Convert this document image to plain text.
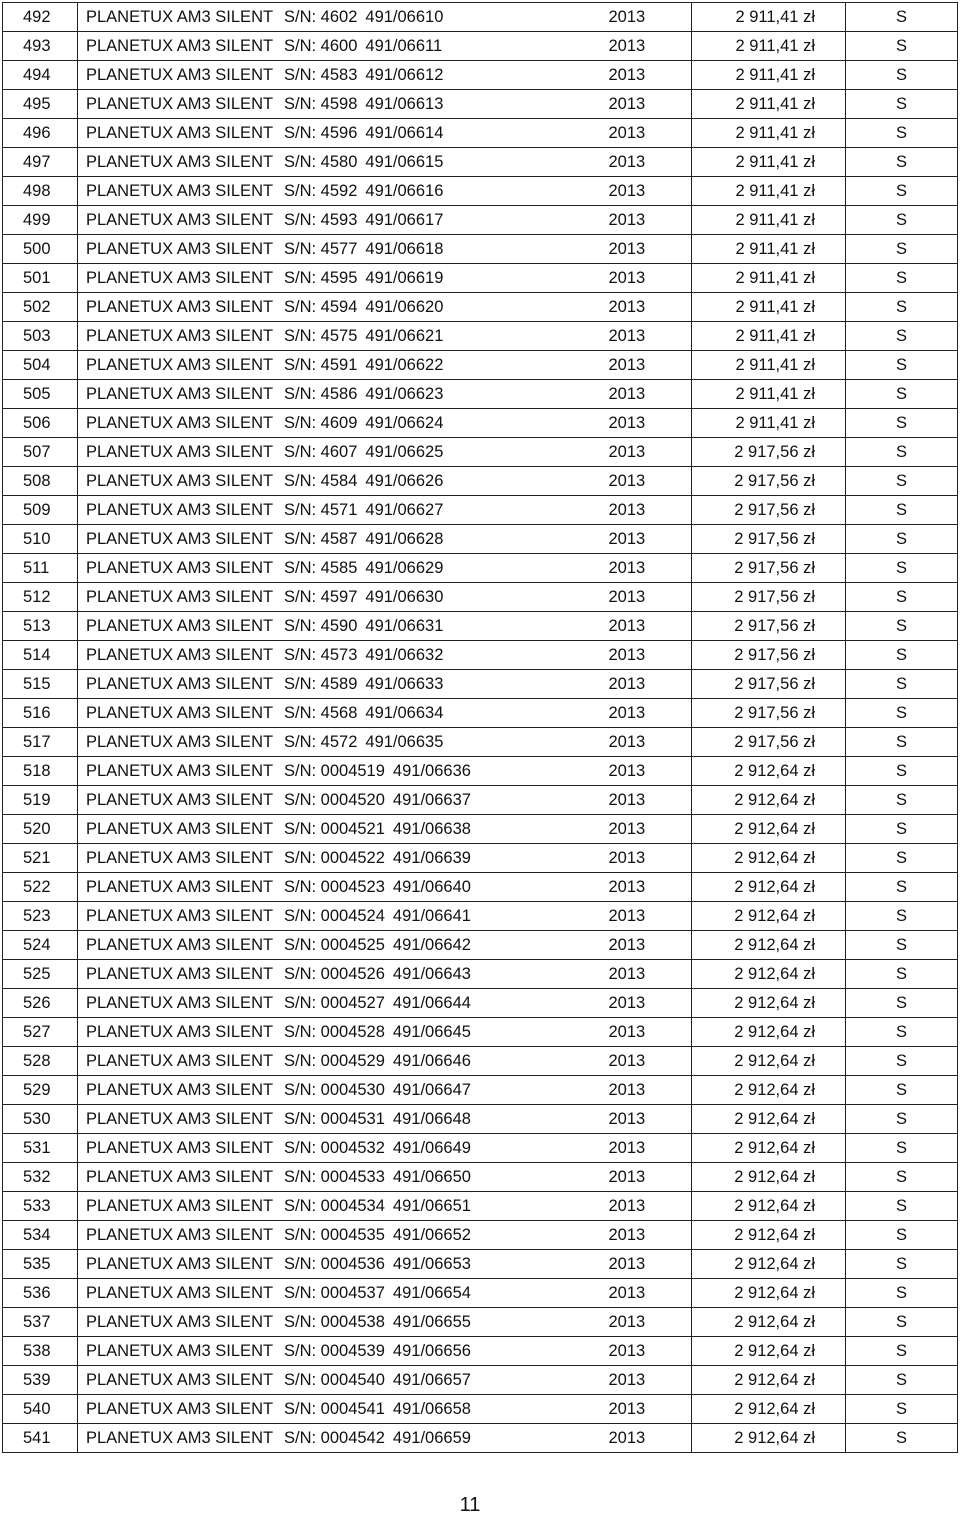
492	PLANETUX AM3 SILENT S/N: 4602 491/06610	2013	2 911,41 zł	S
493	PLANETUX AM3 SILENT S/N: 4600 491/06611	2013	2 911,41 zł	S
494	PLANETUX AM3 SILENT S/N: 4583 491/06612	2013	2 911,41 zł	S
495	PLANETUX AM3 SILENT S/N: 4598 491/06613	2013	2 911,41 zł	S
496	PLANETUX AM3 SILENT S/N: 4596 491/06614	2013	2 911,41 zł	S
497	PLANETUX AM3 SILENT S/N: 4580 491/06615	2013	2 911,41 zł	S
498	PLANETUX AM3 SILENT S/N: 4592 491/06616	2013	2 911,41 zł	S
499	PLANETUX AM3 SILENT S/N: 4593 491/06617	2013	2 911,41 zł	S
500	PLANETUX AM3 SILENT S/N: 4577 491/06618	2013	2 911,41 zł	S
501	PLANETUX AM3 SILENT S/N: 4595 491/06619	2013	2 911,41 zł	S
502	PLANETUX AM3 SILENT S/N: 4594 491/06620	2013	2 911,41 zł	S
503	PLANETUX AM3 SILENT S/N: 4575 491/06621	2013	2 911,41 zł	S
504	PLANETUX AM3 SILENT S/N: 4591 491/06622	2013	2 911,41 zł	S
505	PLANETUX AM3 SILENT S/N: 4586 491/06623	2013	2 911,41 zł	S
506	PLANETUX AM3 SILENT S/N: 4609 491/06624	2013	2 911,41 zł	S
507	PLANETUX AM3 SILENT S/N: 4607 491/06625	2013	2 917,56 zł	S
508	PLANETUX AM3 SILENT S/N: 4584 491/06626	2013	2 917,56 zł	S
509	PLANETUX AM3 SILENT S/N: 4571 491/06627	2013	2 917,56 zł	S
510	PLANETUX AM3 SILENT S/N: 4587 491/06628	2013	2 917,56 zł	S
511	PLANETUX AM3 SILENT S/N: 4585 491/06629	2013	2 917,56 zł	S
512	PLANETUX AM3 SILENT S/N: 4597 491/06630	2013	2 917,56 zł	S
513	PLANETUX AM3 SILENT S/N: 4590 491/06631	2013	2 917,56 zł	S
514	PLANETUX AM3 SILENT S/N: 4573 491/06632	2013	2 917,56 zł	S
515	PLANETUX AM3 SILENT S/N: 4589 491/06633	2013	2 917,56 zł	S
516	PLANETUX AM3 SILENT S/N: 4568 491/06634	2013	2 917,56 zł	S
517	PLANETUX AM3 SILENT S/N: 4572 491/06635	2013	2 917,56 zł	S
518	PLANETUX AM3 SILENT S/N: 0004519 491/06636	2013	2 912,64 zł	S
519	PLANETUX AM3 SILENT S/N: 0004520 491/06637	2013	2 912,64 zł	S
520	PLANETUX AM3 SILENT S/N: 0004521 491/06638	2013	2 912,64 zł	S
521	PLANETUX AM3 SILENT S/N: 0004522 491/06639	2013	2 912,64 zł	S
522	PLANETUX AM3 SILENT S/N: 0004523 491/06640	2013	2 912,64 zł	S
523	PLANETUX AM3 SILENT S/N: 0004524 491/06641	2013	2 912,64 zł	S
524	PLANETUX AM3 SILENT S/N: 0004525 491/06642	2013	2 912,64 zł	S
525	PLANETUX AM3 SILENT S/N: 0004526 491/06643	2013	2 912,64 zł	S
526	PLANETUX AM3 SILENT S/N: 0004527 491/06644	2013	2 912,64 zł	S
527	PLANETUX AM3 SILENT S/N: 0004528 491/06645	2013	2 912,64 zł	S
528	PLANETUX AM3 SILENT S/N: 0004529 491/06646	2013	2 912,64 zł	S
529	PLANETUX AM3 SILENT S/N: 0004530 491/06647	2013	2 912,64 zł	S
530	PLANETUX AM3 SILENT S/N: 0004531 491/06648	2013	2 912,64 zł	S
531	PLANETUX AM3 SILENT S/N: 0004532 491/06649	2013	2 912,64 zł	S
532	PLANETUX AM3 SILENT S/N: 0004533 491/06650	2013	2 912,64 zł	S
533	PLANETUX AM3 SILENT S/N: 0004534 491/06651	2013	2 912,64 zł	S
534	PLANETUX AM3 SILENT S/N: 0004535 491/06652	2013	2 912,64 zł	S
535	PLANETUX AM3 SILENT S/N: 0004536 491/06653	2013	2 912,64 zł	S
536	PLANETUX AM3 SILENT S/N: 0004537 491/06654	2013	2 912,64 zł	S
537	PLANETUX AM3 SILENT S/N: 0004538 491/06655	2013	2 912,64 zł	S
538	PLANETUX AM3 SILENT S/N: 0004539 491/06656	2013	2 912,64 zł	S
539	PLANETUX AM3 SILENT S/N: 0004540 491/06657	2013	2 912,64 zł	S
540	PLANETUX AM3 SILENT S/N: 0004541 491/06658	2013	2 912,64 zł	S
541	PLANETUX AM3 SILENT S/N: 0004542 491/06659	2013	2 912,64 zł	S
11
